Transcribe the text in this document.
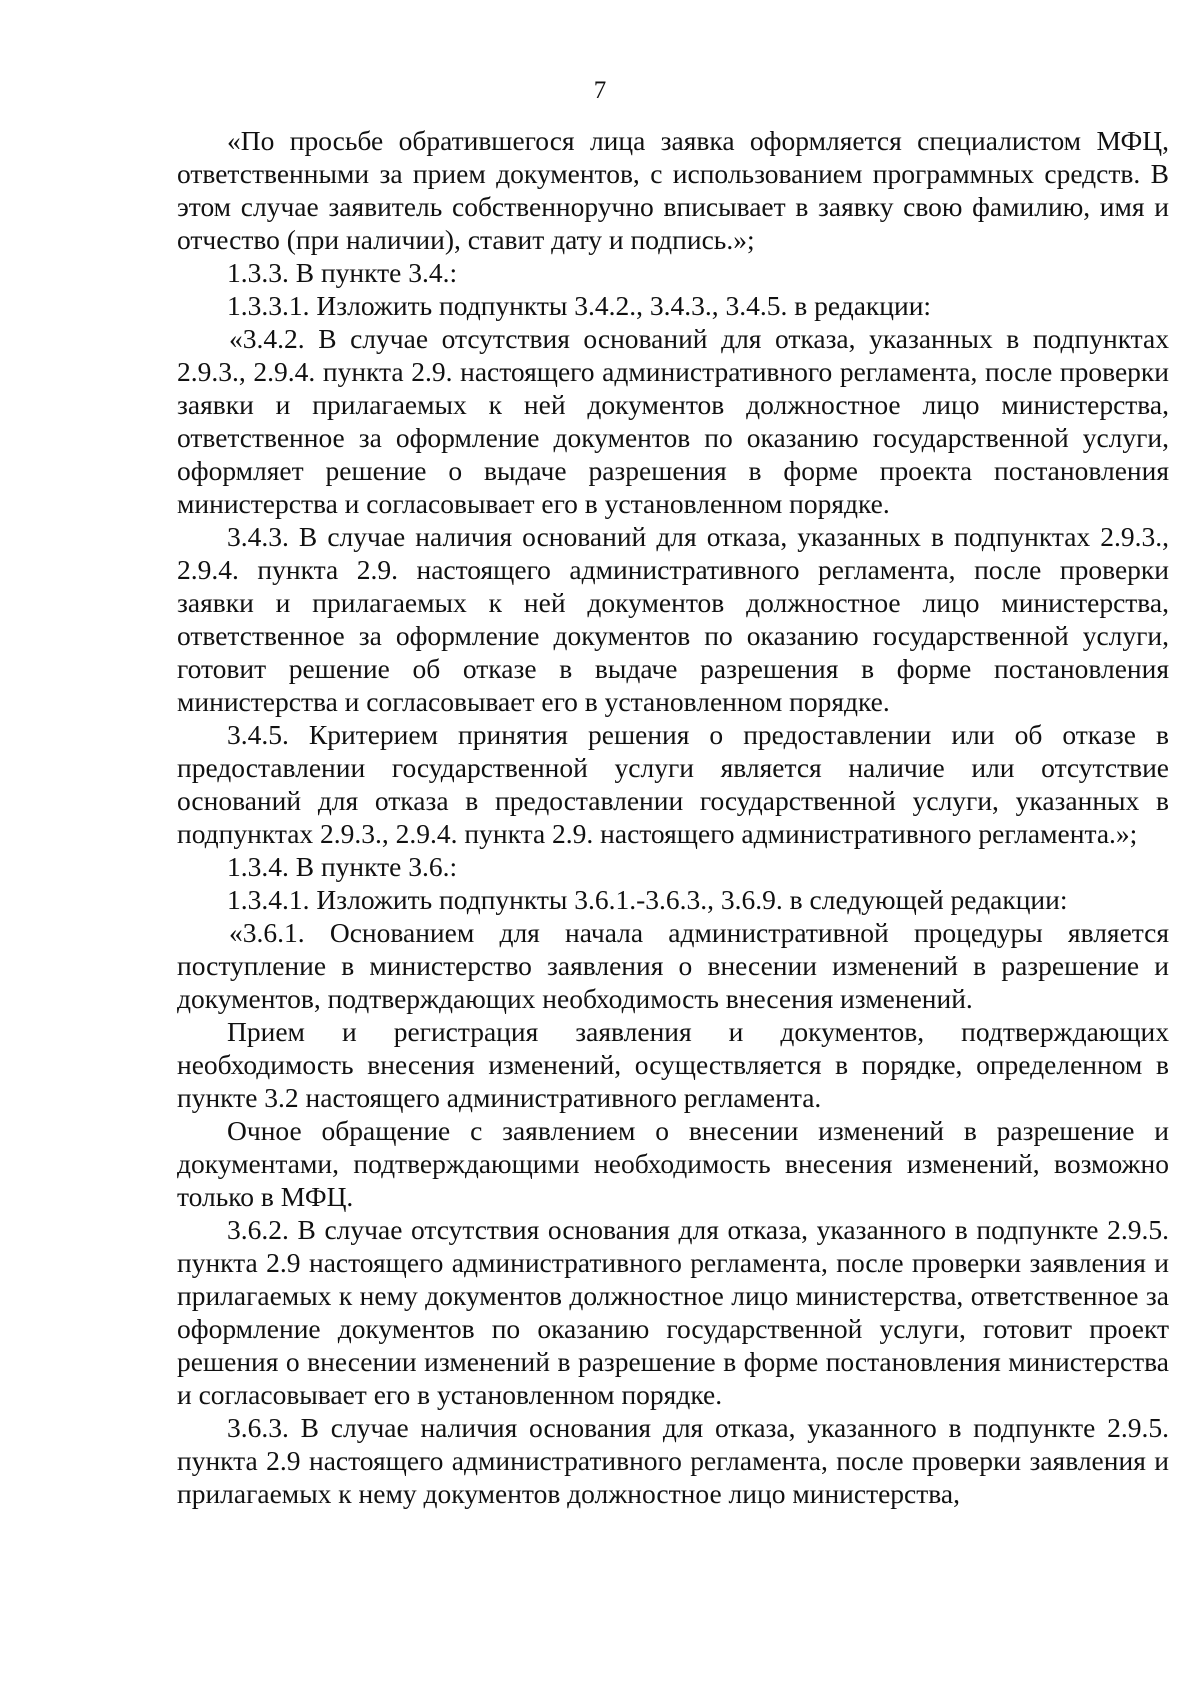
7

«По просьбе обратившегося лица заявка оформляется специалистом МФЦ, ответственными за прием документов, с использованием программных средств. В этом случае заявитель собственноручно вписывает в заявку свою фамилию, имя и отчество (при наличии), ставит дату и подпись.»;

1.3.3. В пункте 3.4.:

1.3.3.1. Изложить подпункты 3.4.2., 3.4.3., 3.4.5. в редакции:

«3.4.2. В случае отсутствия оснований для отказа, указанных в подпунктах 2.9.3., 2.9.4. пункта 2.9. настоящего административного регламента, после проверки заявки и прилагаемых к ней документов должностное лицо министерства, ответственное за оформление документов по оказанию государственной услуги, оформляет решение о выдаче разрешения в форме проекта постановления министерства и согласовывает его в установленном порядке.

3.4.3. В случае наличия оснований для отказа, указанных в подпунктах 2.9.3., 2.9.4. пункта 2.9. настоящего административного регламента, после проверки заявки и прилагаемых к ней документов должностное лицо министерства, ответственное за оформление документов по оказанию государственной услуги, готовит решение об отказе в выдаче разрешения в форме постановления министерства и согласовывает его в установленном порядке.

3.4.5. Критерием принятия решения о предоставлении или об отказе в предоставлении государственной услуги является наличие или отсутствие оснований для отказа в предоставлении государственной услуги, указанных в подпунктах 2.9.3., 2.9.4. пункта 2.9. настоящего административного регламента.»;

1.3.4. В пункте 3.6.:

1.3.4.1. Изложить подпункты 3.6.1.-3.6.3., 3.6.9. в следующей редакции:

«3.6.1. Основанием для начала административной процедуры является поступление в министерство заявления о внесении изменений в разрешение и документов, подтверждающих необходимость внесения изменений.

Прием и регистрация заявления и документов, подтверждающих необходимость внесения изменений, осуществляется в порядке, определенном в пункте 3.2 настоящего административного регламента.

Очное обращение с заявлением о внесении изменений в разрешение и документами, подтверждающими необходимость внесения изменений, возможно только в МФЦ.

3.6.2. В случае отсутствия основания для отказа, указанного в подпункте 2.9.5. пункта 2.9 настоящего административного регламента, после проверки заявления и прилагаемых к нему документов должностное лицо министерства, ответственное за оформление документов по оказанию государственной услуги, готовит проект решения о внесении изменений в разрешение в форме постановления министерства и согласовывает его в установленном порядке.

3.6.3. В случае наличия основания для отказа, указанного в подпункте 2.9.5. пункта 2.9 настоящего административного регламента, после проверки заявления и прилагаемых к нему документов должностное лицо министерства,
